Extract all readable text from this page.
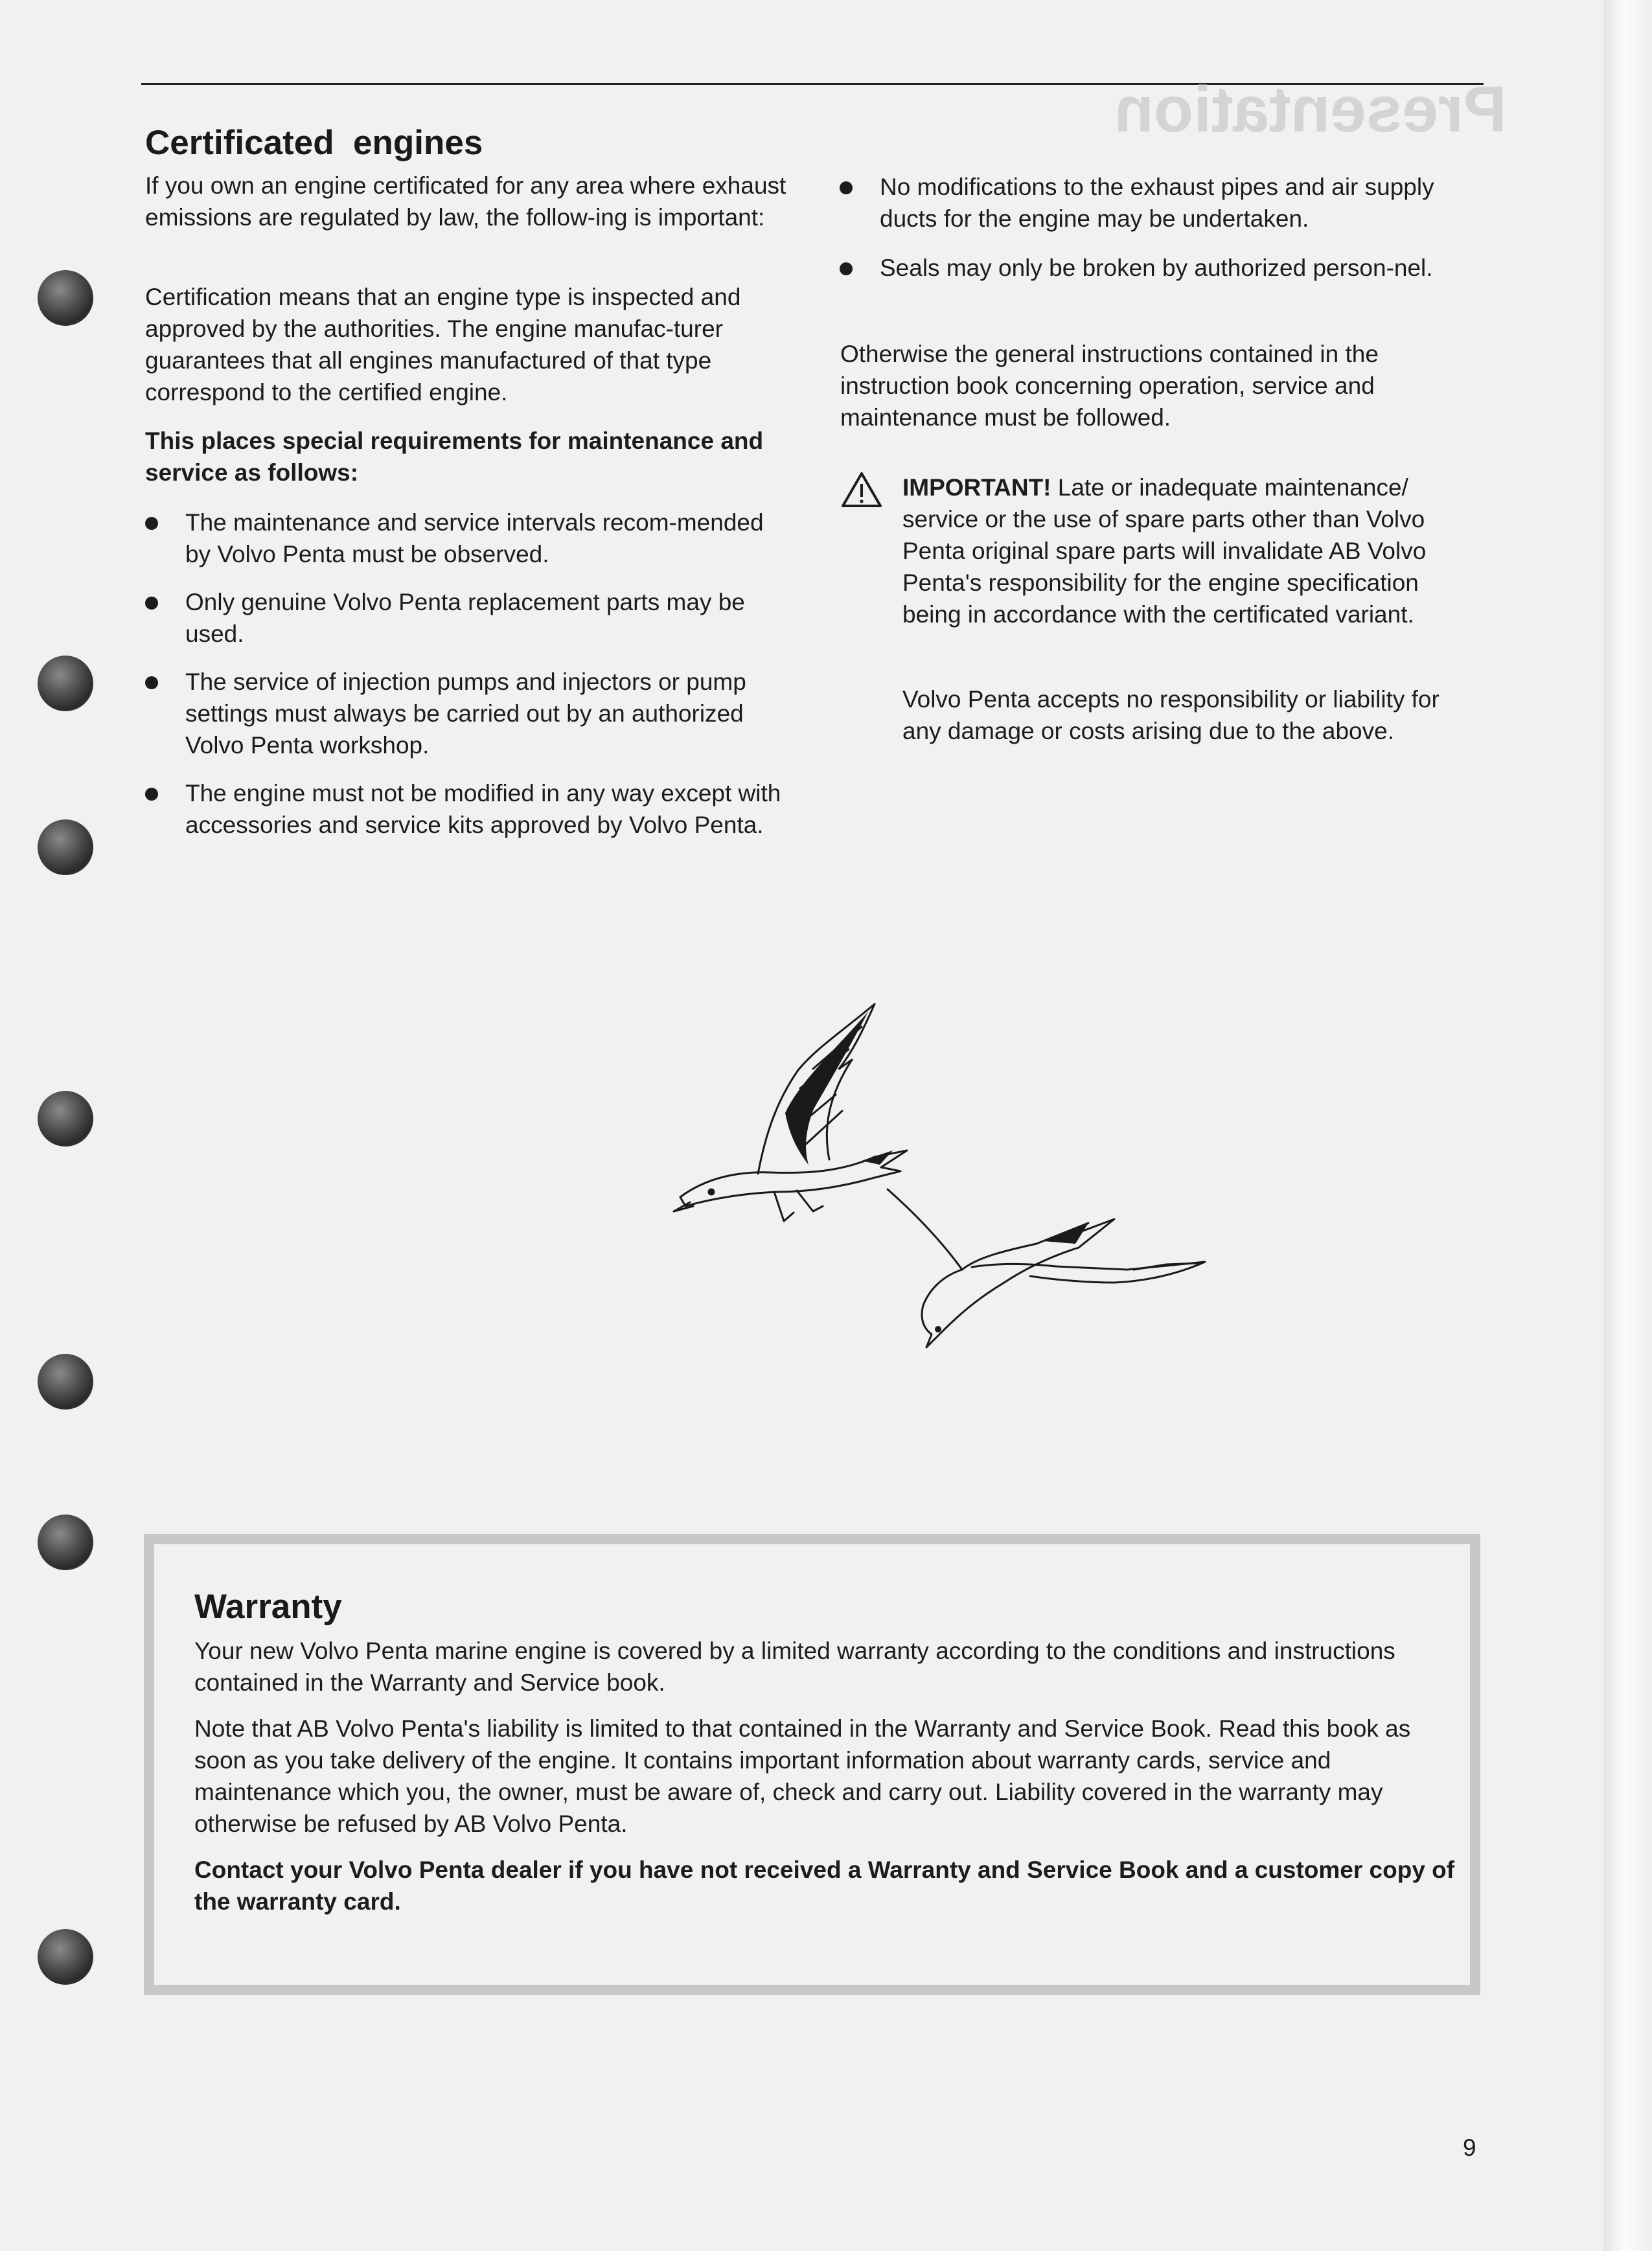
Presentation
Certificated  engines

If you own an engine certificated for any area where exhaust emissions are regulated by law, the follow-ing is important:

Certification means that an engine type is inspected and approved by the authorities. The engine manufac-turer guarantees that all engines manufactured of that type correspond to the certified engine.

This places special requirements for maintenance and service as follows:

The maintenance and service intervals recom-mended by Volvo Penta must be observed.
Only genuine Volvo Penta replacement parts may be used.
The service of injection pumps and injectors or pump settings must always be carried out by an authorized Volvo Penta workshop.
The engine must not be modified in any way except with accessories and service kits approved by Volvo Penta.
No modifications to the exhaust pipes and air supply ducts for the engine may be undertaken.
Seals may only be broken by authorized person-nel.

Otherwise the general instructions contained in the instruction book concerning operation, service and maintenance must be followed.

IMPORTANT! Late or inadequate maintenance/ service or the use of spare parts other than Volvo Penta original spare parts will invalidate AB Volvo Penta's responsibility for the engine specification being in accordance with the certificated variant.

Volvo Penta accepts no responsibility or liability for any damage or costs arising due to the above.

Warranty

Your new Volvo Penta marine engine is covered by a limited warranty according to the conditions and instructions contained in the Warranty and Service book.

Note that AB Volvo Penta's liability is limited to that contained in the Warranty and Service Book. Read this book as soon as you take delivery of the engine. It contains important information about warranty cards, service and maintenance which you, the owner, must be aware of, check and carry out. Liability covered in the warranty may otherwise be refused by AB Volvo Penta.

Contact your Volvo Penta dealer if you have not received a Warranty and Service Book and a customer copy of the warranty card.

9
